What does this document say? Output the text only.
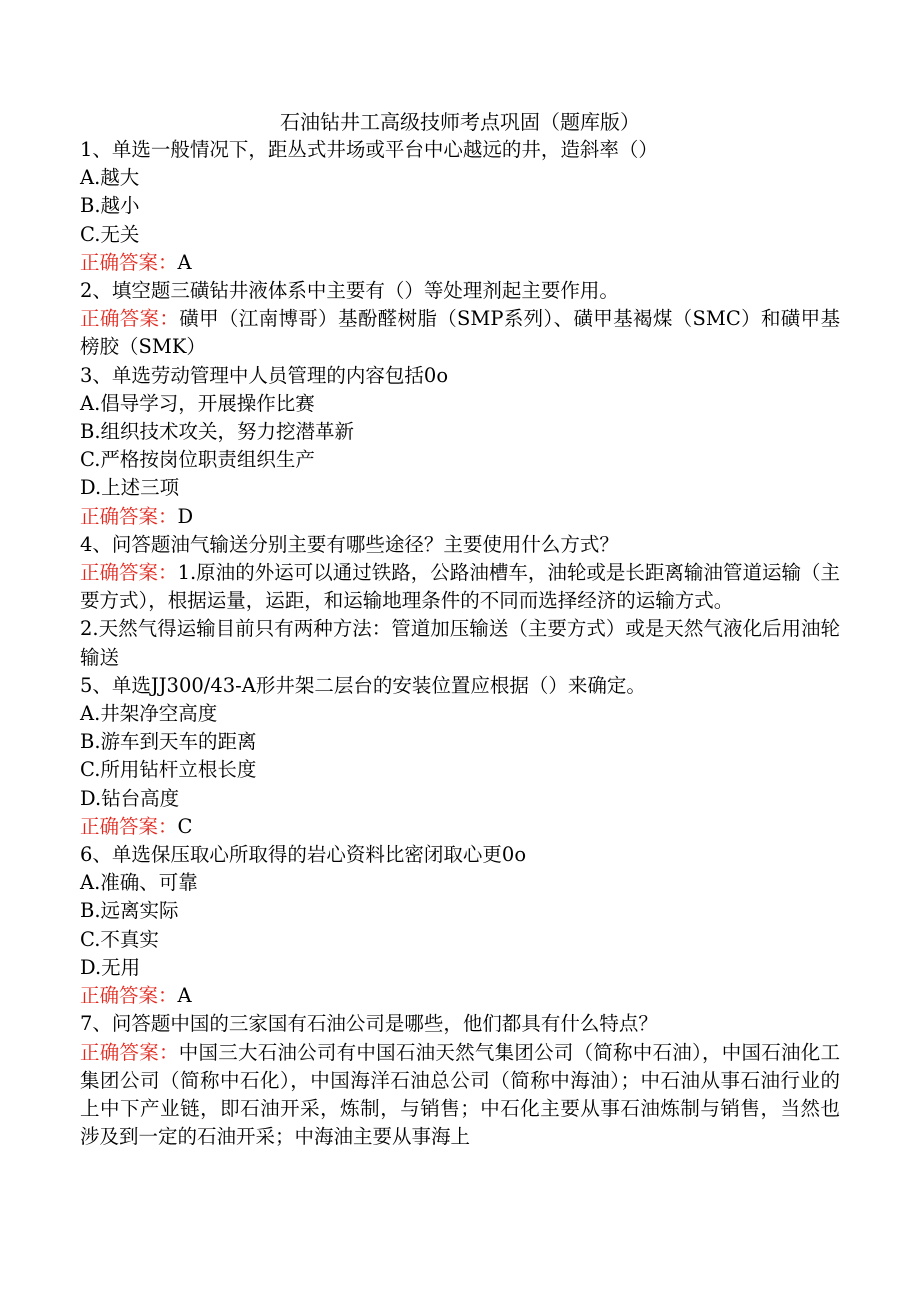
石油钻井工高级技师考点巩固（题库版）

1、单选一般情况下，距丛式井场或平台中心越远的井，造斜率（）

A.越大

B.越小

C.无关

正确答案：A

2、填空题三磺钻井液体系中主要有（）等处理剂起主要作用。

正确答案：磺甲（江南博哥）基酚醛树脂（SMP系列）、磺甲基褐煤（SMC）和磺甲基榜胶（SMK）

3、单选劳动管理中人员管理的内容包括0o

A.倡导学习，开展操作比赛

B.组织技术攻关，努力挖潜革新

C.严格按岗位职责组织生产

D.上述三项

正确答案：D

4、问答题油气输送分别主要有哪些途径？主要使用什么方式？

正确答案：1.原油的外运可以通过铁路，公路油槽车，油轮或是长距离输油管道运输（主要方式），根据运量，运距，和运输地理条件的不同而选择经济的运输方式。

2.天然气得运输目前只有两种方法：管道加压输送（主要方式）或是天然气液化后用油轮输送

5、单选JJ300/43-A形井架二层台的安装位置应根据（）来确定。

A.井架净空高度

B.游车到天车的距离

C.所用钻杆立根长度

D.钻台高度

正确答案：C

6、单选保压取心所取得的岩心资料比密闭取心更0o

A.准确、可靠

B.远离实际

C.不真实

D.无用

正确答案：A

7、问答题中国的三家国有石油公司是哪些，他们都具有什么特点？

正确答案：中国三大石油公司有中国石油天然气集团公司（简称中石油），中国石油化工集团公司（简称中石化），中国海洋石油总公司（简称中海油）；中石油从事石油行业的上中下产业链，即石油开采，炼制，与销售；中石化主要从事石油炼制与销售，当然也涉及到一定的石油开采；中海油主要从事海上
